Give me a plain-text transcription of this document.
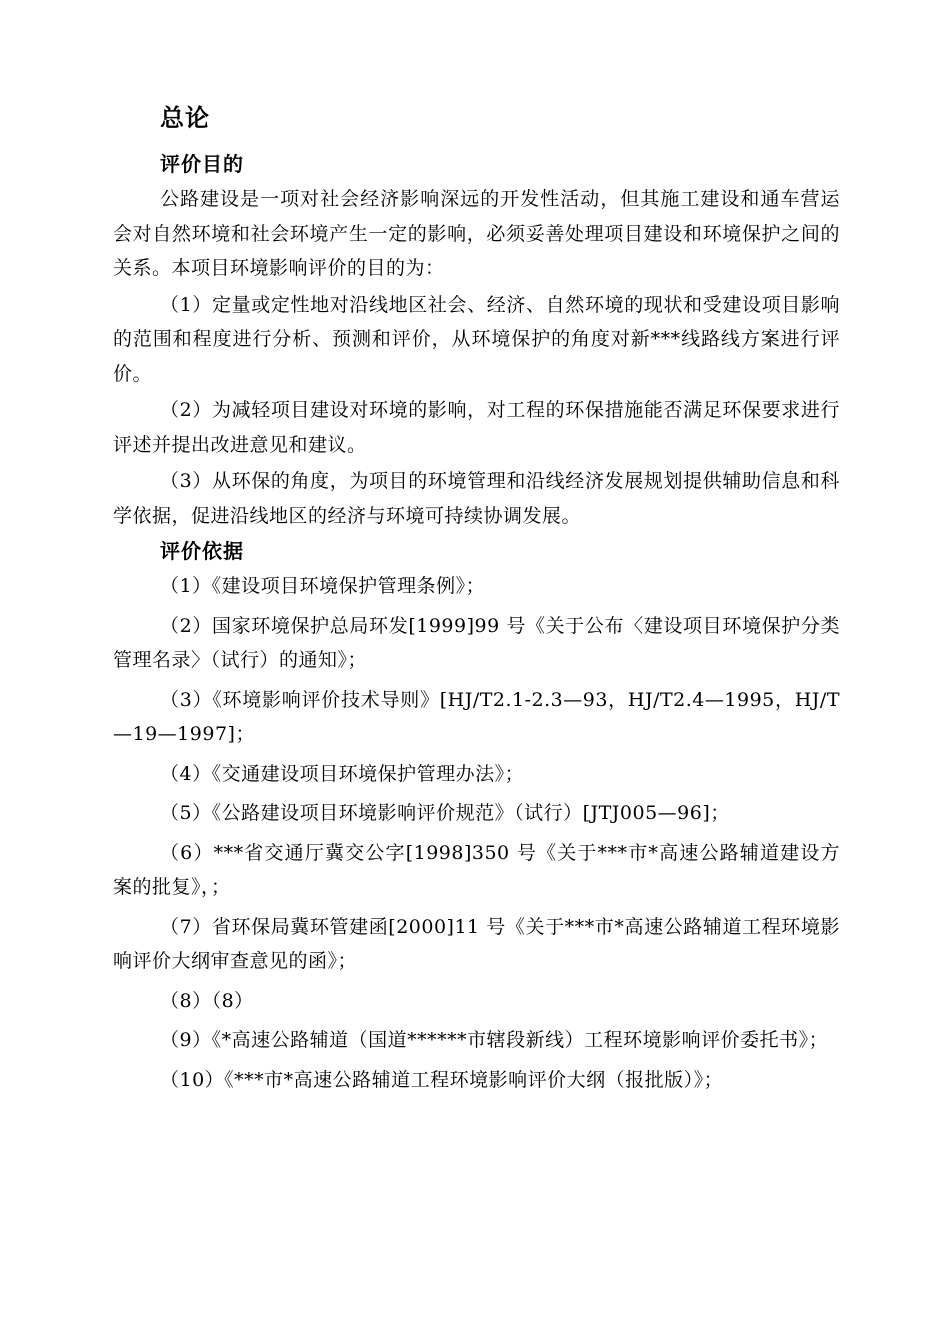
总论
评价目的

公路建设是一项对社会经济影响深远的开发性活动，但其施工建设和通车营运会对自然环境和社会环境产生一定的影响，必须妥善处理项目建设和环境保护之间的关系。本项目环境影响评价的目的为：

（1）定量或定性地对沿线地区社会、经济、自然环境的现状和受建设项目影响的范围和程度进行分析、预测和评价，从环境保护的角度对新***线路线方案进行评价。

（2）为减轻项目建设对环境的影响，对工程的环保措施能否满足环保要求进行评述并提出改进意见和建议。

（3）从环保的角度，为项目的环境管理和沿线经济发展规划提供辅助信息和科学依据，促进沿线地区的经济与环境可持续协调发展。

评价依据

（1）《建设项目环境保护管理条例》；

（2）国家环境保护总局环发[1999]99 号《关于公布〈建设项目环境保护分类管理名录〉（试行）的通知》；

（3）《环境影响评价技术导则》[HJ/T2.1-2.3—93，HJ/T2.4—1995，HJ/T—19—1997]；

（4）《交通建设项目环境保护管理办法》；

（5）《公路建设项目环境影响评价规范》（试行）[JTJ005—96]；

（6）***省交通厅冀交公字[1998]350 号《关于***市*高速公路辅道建设方案的批复》，；

（7）省环保局冀环管建函[2000]11 号《关于***市*高速公路辅道工程环境影响评价大纲审查意见的函》；

（8）（8）

（9）《*高速公路辅道（国道******市辖段新线）工程环境影响评价委托书》；

（10）《***市*高速公路辅道工程环境影响评价大纲（报批版）》；
